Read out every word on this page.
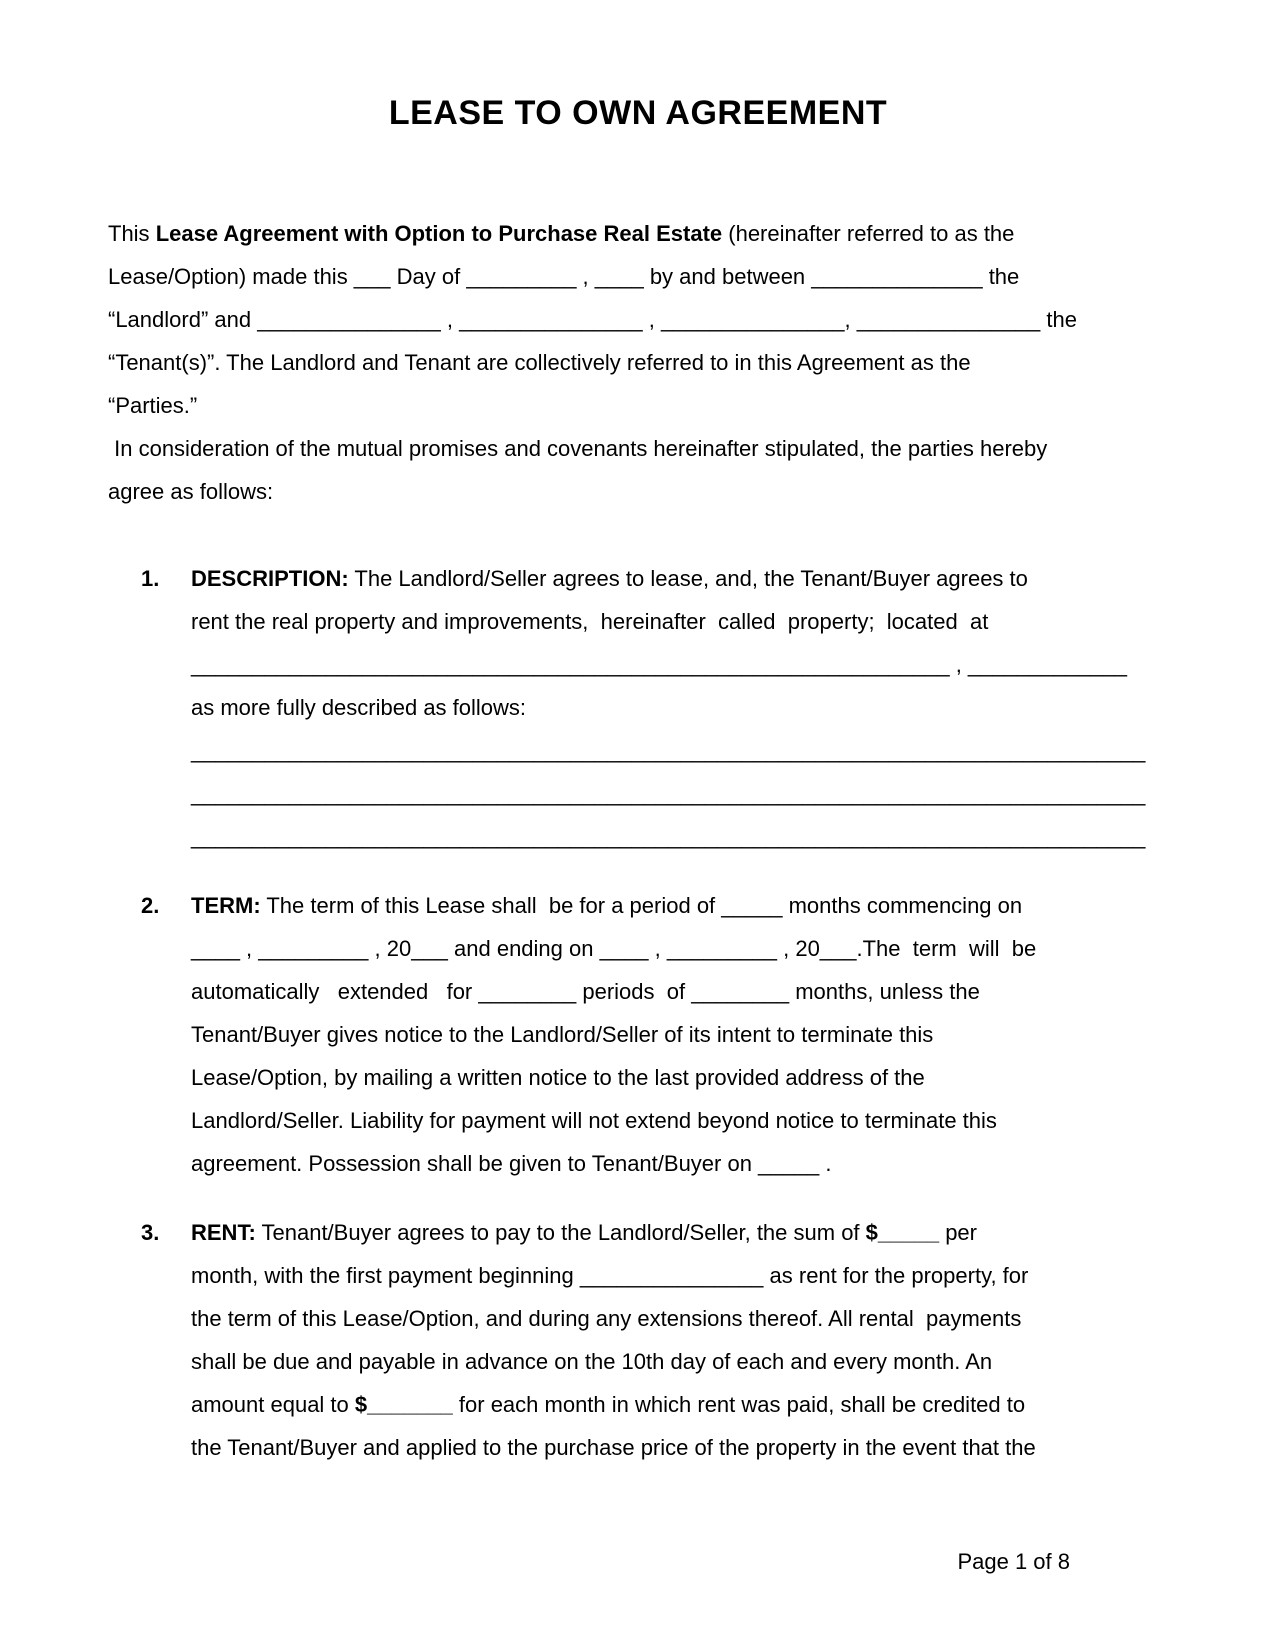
LEASE TO OWN AGREEMENT
This Lease Agreement with Option to Purchase Real Estate (hereinafter referred to as the
Lease/Option) made this ___ Day of _________ , ____ by and between ______________ the
“Landlord” and _______________ , _______________ , _______________, _______________ the
“Tenant(s)”. The Landlord and Tenant are collectively referred to in this Agreement as the
“Parties.”
In consideration of the mutual promises and covenants hereinafter stipulated, the parties hereby
agree as follows:
1.	DESCRIPTION: The Landlord/Seller agrees to lease, and, the Tenant/Buyer agrees to
rent the real property and improvements,  hereinafter  called  property;  located  at
______________________________________________________________ , _____________
as more fully described as follows:
______________________________________________________________________________
______________________________________________________________________________
______________________________________________________________________________
2.	TERM: The term of this Lease shall  be for a period of _____ months commencing on
____ , _________ , 20___ and ending on ____ , _________ , 20___.The  term  will  be
automatically   extended   for ________ periods  of ________ months, unless the
Tenant/Buyer gives notice to the Landlord/Seller of its intent to terminate this
Lease/Option, by mailing a written notice to the last provided address of the
Landlord/Seller. Liability for payment will not extend beyond notice to terminate this
agreement. Possession shall be given to Tenant/Buyer on _____ .
3.	RENT: Tenant/Buyer agrees to pay to the Landlord/Seller, the sum of $_____ per
month, with the first payment beginning _______________ as rent for the property, for
the term of this Lease/Option, and during any extensions thereof. All rental  payments
shall be due and payable in advance on the 10th day of each and every month. An
amount equal to $_______ for each month in which rent was paid, shall be credited to
the Tenant/Buyer and applied to the purchase price of the property in the event that the
Page 1 of 8
